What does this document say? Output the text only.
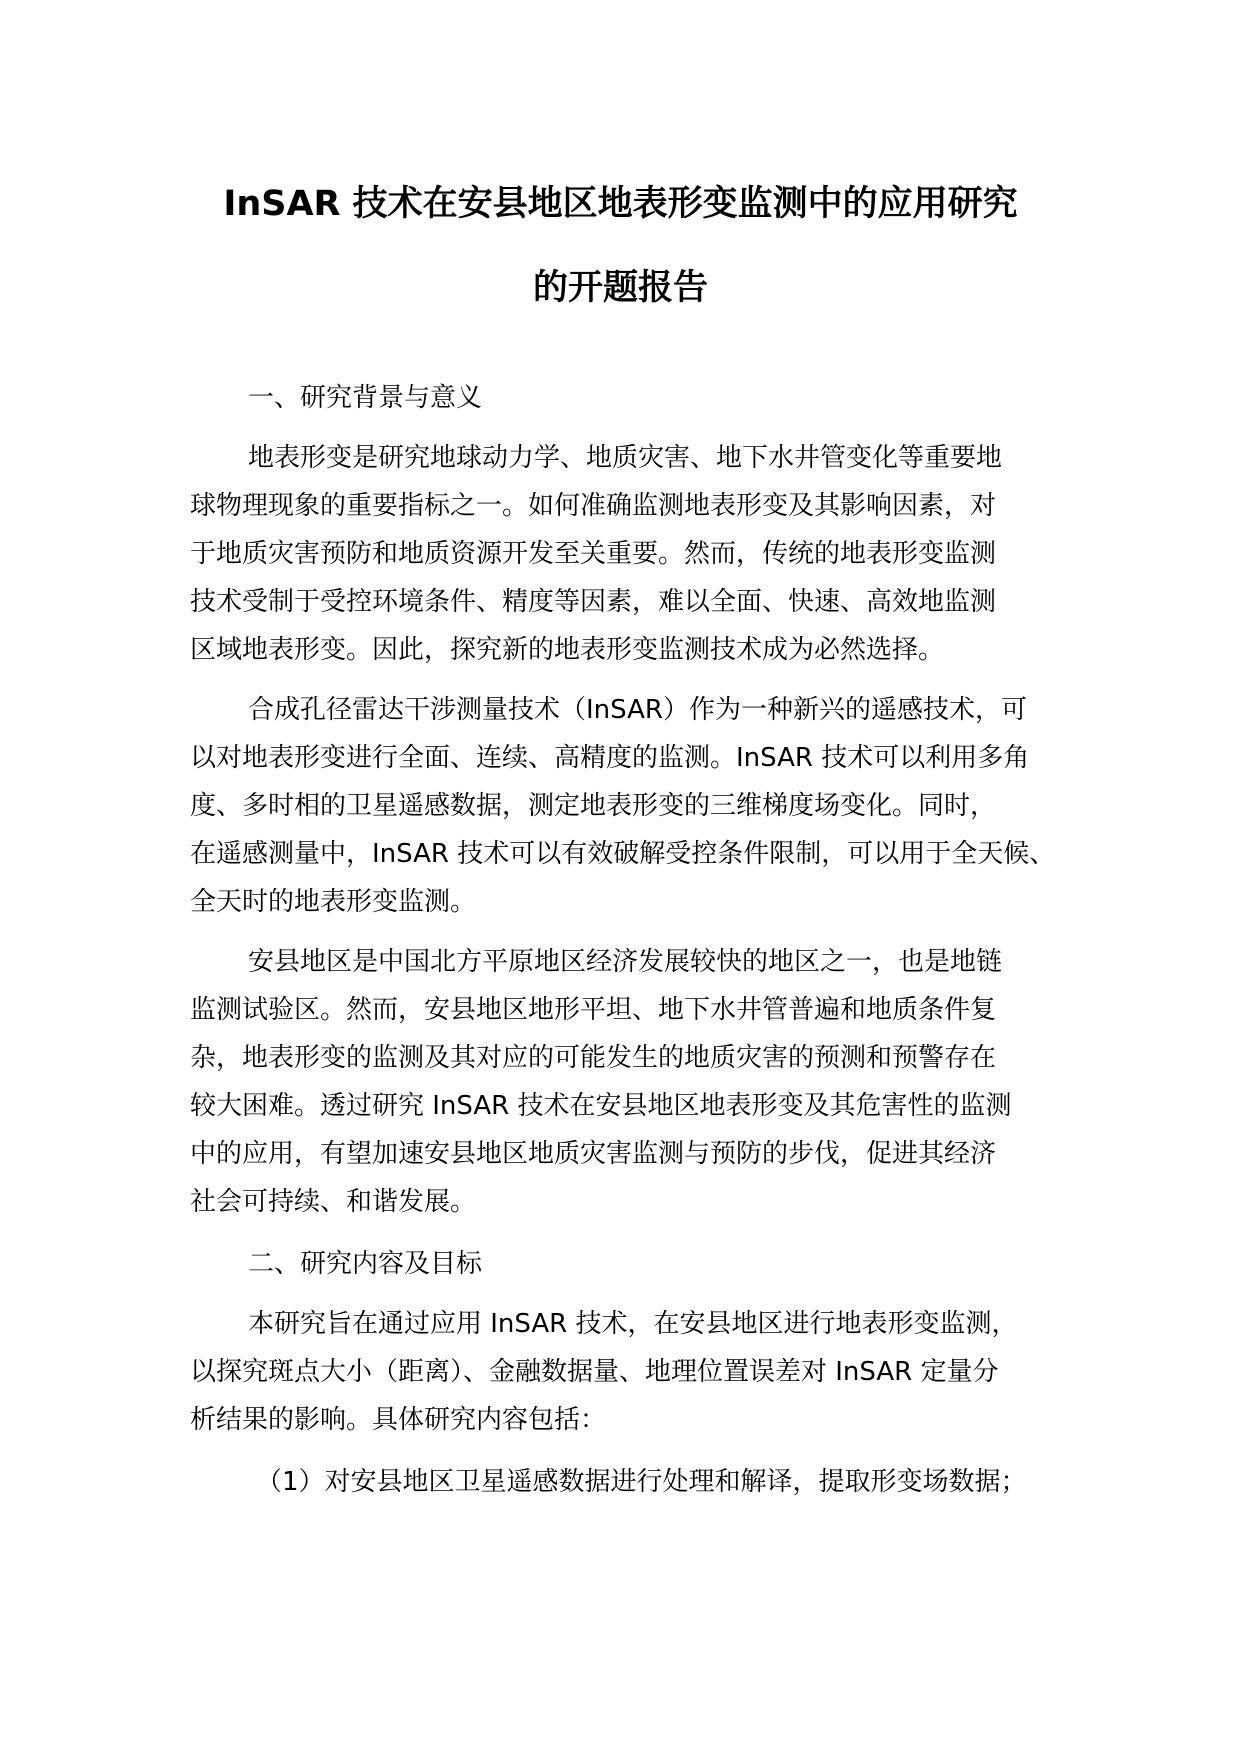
InSAR 技术在安县地区地表形变监测中的应用研究
的开题报告
一、研究背景与意义
地表形变是研究地球动力学、地质灾害、地下水井管变化等重要地
球物理现象的重要指标之一。如何准确监测地表形变及其影响因素，对
于地质灾害预防和地质资源开发至关重要。然而，传统的地表形变监测
技术受制于受控环境条件、精度等因素，难以全面、快速、高效地监测
区域地表形变。因此，探究新的地表形变监测技术成为必然选择。
合成孔径雷达干涉测量技术（InSAR）作为一种新兴的遥感技术，可
以对地表形变进行全面、连续、高精度的监测。InSAR 技术可以利用多角
度、多时相的卫星遥感数据，测定地表形变的三维梯度场变化。同时，
在遥感测量中，InSAR 技术可以有效破解受控条件限制，可以用于全天候、
全天时的地表形变监测。
安县地区是中国北方平原地区经济发展较快的地区之一，也是地链
监测试验区。然而，安县地区地形平坦、地下水井管普遍和地质条件复
杂，地表形变的监测及其对应的可能发生的地质灾害的预测和预警存在
较大困难。透过研究 InSAR 技术在安县地区地表形变及其危害性的监测
中的应用，有望加速安县地区地质灾害监测与预防的步伐，促进其经济
社会可持续、和谐发展。
二、研究内容及目标
本研究旨在通过应用 InSAR 技术，在安县地区进行地表形变监测，
以探究斑点大小（距离）、金融数据量、地理位置误差对 InSAR 定量分
析结果的影响。具体研究内容包括：
（1）对安县地区卫星遥感数据进行处理和解译，提取形变场数据；
